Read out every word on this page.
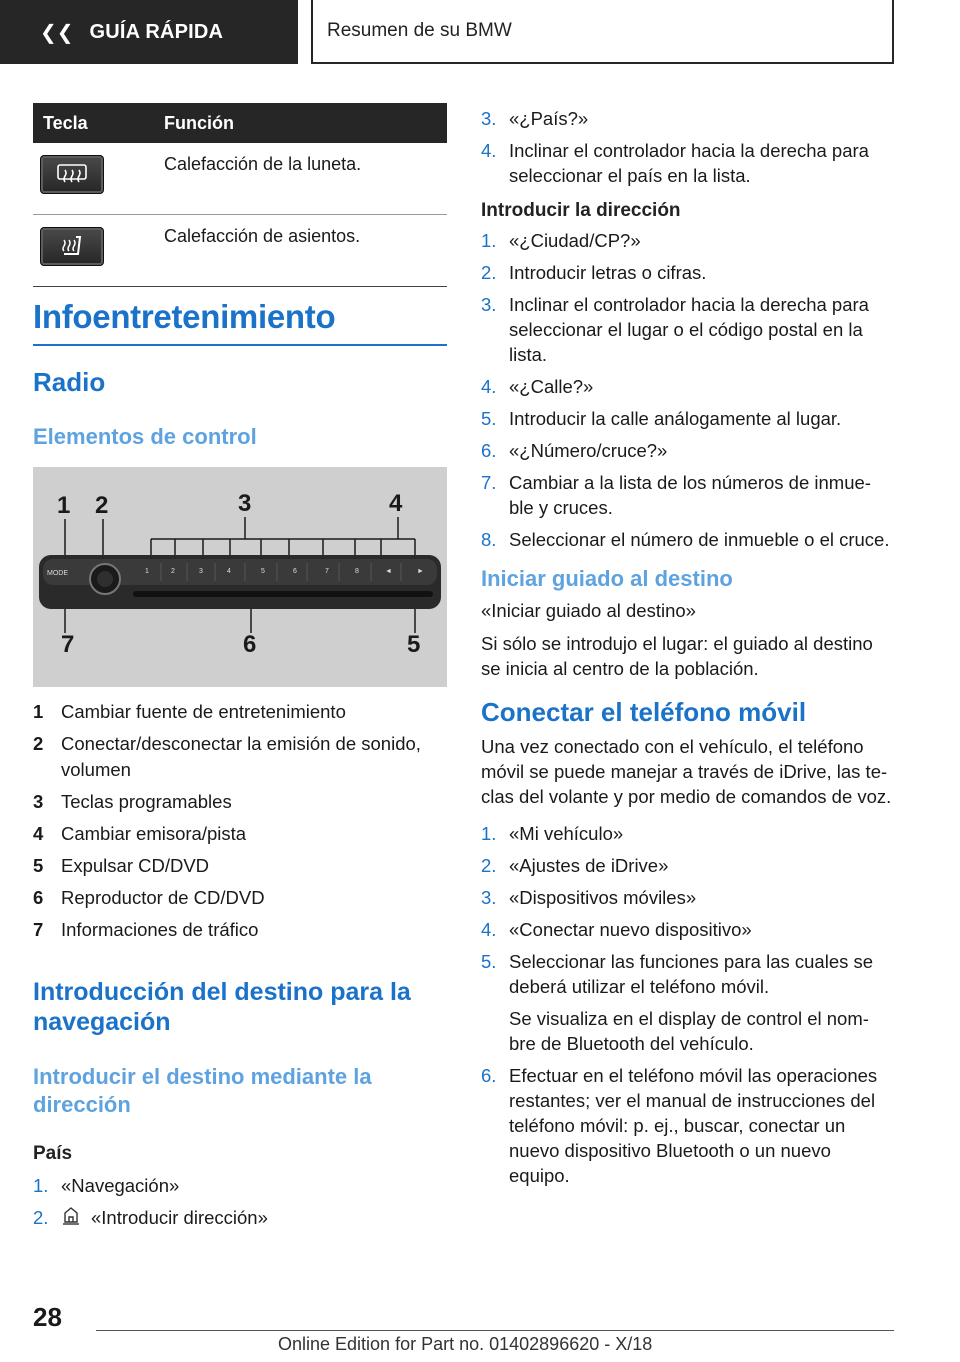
❮❮ GUÍA RÁPIDA	Resumen de su BMW
Tecla	Función

	Calefacción de la luneta.

	Calefacción de asientos.
Infoentretenimiento
Radio
Elementos de control
1 2	3	4
5
6
7
MODE	1	2	3	4	5	6	7	8	◄	►
1 Cambiar fuente de entretenimiento
2 Conectar/desconectar la emisión de sonido, volumen
3 Teclas programables
4 Cambiar emisora/pista
5 Expulsar CD/DVD
6 Reproductor de CD/DVD
7 Informaciones de tráfico
Introducción del destino para la navegación
Introducir el destino mediante la dirección
País
1. «Navegación»
2.	«Introducir dirección»
3. «¿País?»
4. Inclinar el controlador hacia la derecha para seleccionar el país en la lista.
Introducir la dirección
1. «¿Ciudad/CP?»
2. Introducir letras o cifras.
3. Inclinar el controlador hacia la derecha para seleccionar el lugar o el código postal en la lista.
4. «¿Calle?»
5. Introducir la calle análogamente al lugar.
6. «¿Número/cruce?»
7. Cambiar a la lista de los números de inmue- ble y cruces.
8. Seleccionar el número de inmueble o el cruce.
Iniciar guiado al destino

«Iniciar guiado al destino»

Si sólo se introdujo el lugar: el guiado al destino se inicia al centro de la población.

Conectar el teléfono móvil

Una vez conectado con el vehículo, el teléfono móvil se puede manejar a través de iDrive, las te- clas del volante y por medio de comandos de voz.

1. «Mi vehículo»
2. «Ajustes de iDrive»
3. «Dispositivos móviles»
4. «Conectar nuevo dispositivo»
5. Seleccionar las funciones para las cuales se deberá utilizar el teléfono móvil.
Se visualiza en el display de control el nom- bre de Bluetooth del vehículo.
6. Efectuar en el teléfono móvil las operaciones restantes; ver el manual de instrucciones del teléfono móvil: p. ej., buscar, conectar un nuevo dispositivo Bluetooth o un nuevo equipo.
28
Online Edition for Part no. 01402896620 - X/18
